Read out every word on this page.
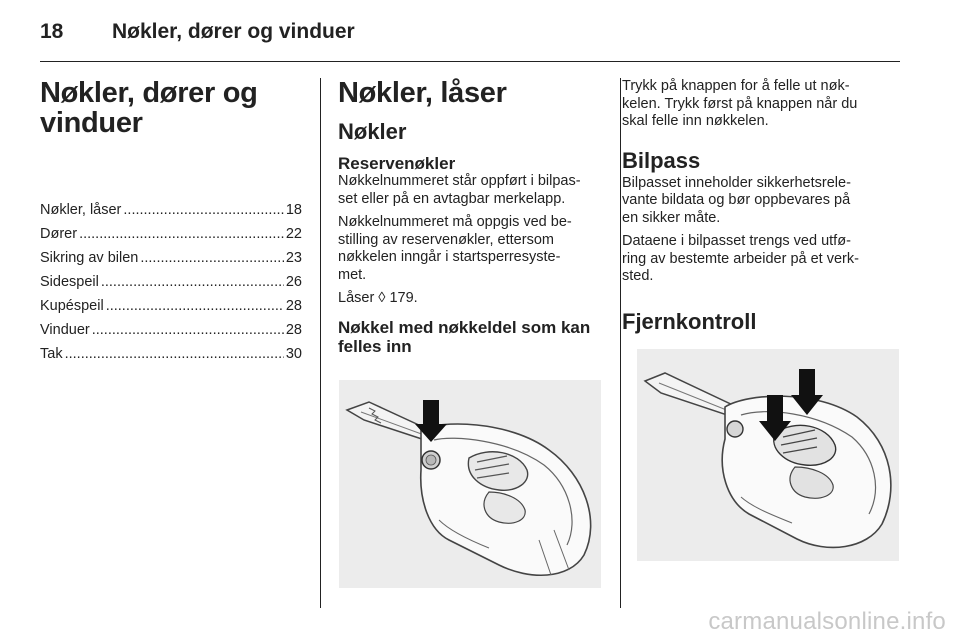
18 Nøkler, dører og vinduer
Nøkler, dører og
vinduer
Nøkler, låser .....	18
Dører .....	22
Sikring av bilen .....	23
Sidespeil .....	26
Kupéspeil .....	28
Vinduer .....	28
Tak .....	30
Nøkler, låser
Nøkler
Reservenøkler
Nøkkelnummeret står oppført i bilpas-
set eller på en avtagbar merkelapp.
Nøkkelnummeret må oppgis ved be-
stilling av reservenøkler, ettersom
nøkkelen inngår i startsperresyste-
met.
Låser ◊ 179.
Nøkkel med nøkkeldel som kan
felles inn
Trykk på knappen for å felle ut nøk-
kelen. Trykk først på knappen når du
skal felle inn nøkkelen.
Bilpass
Bilpasset inneholder sikkerhetsrele-
vante bildata og bør oppbevares på
en sikker måte.
Dataene i bilpasset trengs ved utfø-
ring av bestemte arbeider på et verk-
sted.
Fjernkontroll
carmanualsonline.info
